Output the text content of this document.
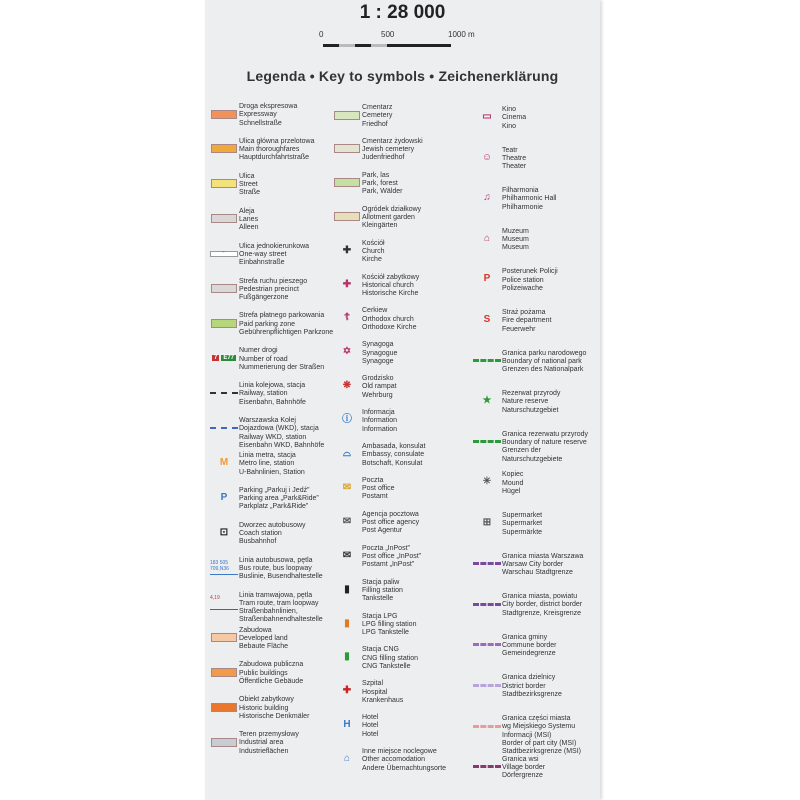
1 : 28 000
0	500	1000 m
Legenda • Key to symbols • Zeichenerklärung
Droga ekspresowa
Expressway
Schnellstraße
Ulica główna przelotowa
Main thoroughfares
Hauptdurchfahrtstraße
Ulica
Street
Straße
Aleja
Lanes
Alleen
→
Ulica jednokierunkowa
One-way street
Einbahnstraße
Strefa ruchu pieszego
Pedestrian precinct
Fußgängerzone
Strefa płatnego parkowania
Paid parking zone
Gebührenpflichtigen Parkzone
7	E77
Numer drogi
Number of road
Nummerierung der Straßen
Linia kolejowa, stacja
Railway, station
Eisenbahn, Bahnhöfe
Warszawska Kolej
Dojazdowa (WKD), stacja
Railway WKD, station
Eisenbahn WKD, Bahnhöfe
M
Linia metra, stacja
Metro line, station
U-Bahnlinien, Station
P
Parking „Parkuj i Jedź”
Parking area „Park&Ride”
Parkplatz „Park&Ride”
⊡
Dworzec autobusowy
Coach station
Busbahnhof
183 505
709,N36
Linia autobusowa, pętla
Bus route, bus loopway
Buslinie, Busendhaltestelle
4,19	Linia tramwajowa, pętla
Tram route, tram loopway
Straßenbahnlinien,
Straßenbahnendhaltestelle
Zabudowa
Developed land
Bebaute Fläche
Zabudowa publiczna
Public buildings
Öffentliche Gebäude
Obiekt zabytkowy
Historic building
Historische Denkmäler
Teren przemysłowy
Industrial area
Industrieflächen
Cmentarz
Cemetery
Friedhof
Cmentarz żydowski
Jewish cemetery
Judenfriedhof
Park, las
Park, forest
Park, Wälder
Ogródek działkowy
Allotment garden
Kleingärten
✚
Kościół
Church
Kirche
✚
Kościół zabytkowy
Historical church
Historische Kirche
☦
Cerkiew
Orthodox church
Orthodoxe Kirche
✡
Synagoga
Synagogue
Synagoge
❋
Grodzisko
Old rampat
Wehrburg
ⓘ
Informacja
Information
Information
⌓
Ambasada, konsulat
Embassy, consulate
Botschaft, Konsulat
✉
Poczta
Post office
Postamt
✉
Agencja pocztowa
Post office agency
Post Agentur
✉
Poczta „InPost”
Post office „InPost”
Postamt „InPost”
▮
Stacja paliw
Filling station
Tankstelle
▮
Stacja LPG
LPG filling station
LPG Tankstelle
▮
Stacja CNG
CNG filling station
CNG Tankstelle
✚
Szpital
Hospital
Krankenhaus
H
Hotel
Hotel
Hotel
⌂
Inne miejsce noclegowe
Other accomodation
Andere Übernachtungsorte
▭
Kino
Cinema
Kino
☺
Teatr
Theatre
Theater
♫
Filharmonia
Philharmonic Hall
Philharmonie
⌂
Muzeum
Museum
Museum
P
Posterunek Policji
Police station
Polizeiwache
S
Straż pożarna
Fire department
Feuerwehr
Granica parku narodowego
Boundary of national park
Grenzen des Nationalpark
★
Rezerwat przyrody
Nature reserve
Naturschutzgebiet
Granica rezerwatu przyrody
Boundary of nature reserve
Grenzen der
Naturschutzgebiete
✳
Kopiec
Mound
Hügel
⊞
Supermarket
Supermarket
Supermärkte
Granica miasta Warszawa
Warsaw City border
Warschau Stadtgrenze
Granica miasta, powiatu
City border, district border
Stadtgrenze, Kreisgrenze
Granica gminy
Commune border
Gemeindegrenze
Granica dzielnicy
District border
Stadtbezirksgrenze
Granica części miasta
wg Miejskiego Systemu
Informacji (MSI)
Border of part city (MSI)
Stadtbezirksgrenze (MSI)
Granica wsi
Village border
Dörfergrenze
